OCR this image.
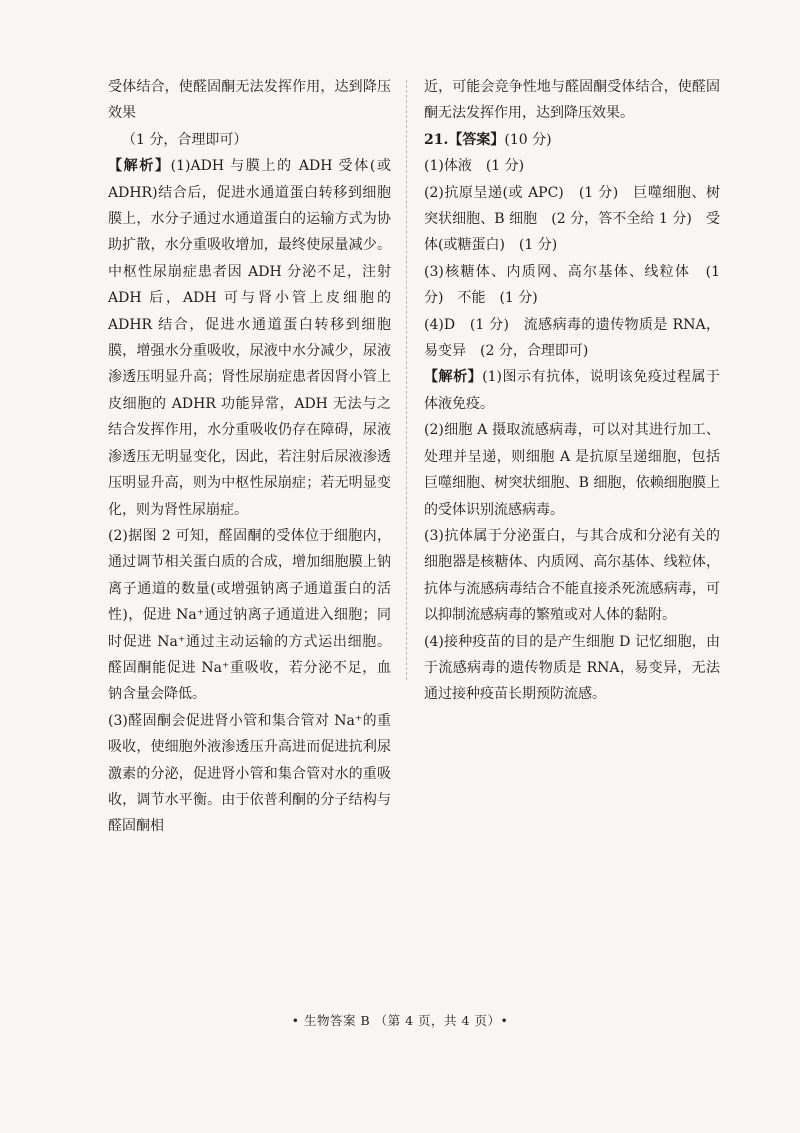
受体结合，使醛固酮无法发挥作用，达到降压效果
（1 分，合理即可）

【解析】(1)ADH 与膜上的 ADH 受体(或 ADHR)结合后，促进水通道蛋白转移到细胞膜上，水分子通过水通道蛋白的运输方式为协助扩散，水分重吸收增加，最终使尿量减少。中枢性尿崩症患者因 ADH 分泌不足，注射 ADH 后，ADH 可与肾小管上皮细胞的 ADHR 结合，促进水通道蛋白转移到细胞膜，增强水分重吸收，尿液中水分减少，尿液渗透压明显升高；肾性尿崩症患者因肾小管上皮细胞的 ADHR 功能异常，ADH 无法与之结合发挥作用，水分重吸收仍存在障碍，尿液渗透压无明显变化，因此，若注射后尿液渗透压明显升高，则为中枢性尿崩症；若无明显变化，则为肾性尿崩症。

(2)据图 2 可知，醛固酮的受体位于细胞内，通过调节相关蛋白质的合成，增加细胞膜上钠离子通道的数量(或增强钠离子通道蛋白的活性)，促进 Na⁺通过钠离子通道进入细胞；同时促进 Na⁺通过主动运输的方式运出细胞。醛固酮能促进 Na⁺重吸收，若分泌不足，血钠含量会降低。

(3)醛固酮会促进肾小管和集合管对 Na⁺的重吸收，使细胞外液渗透压升高进而促进抗利尿激素的分泌，促进肾小管和集合管对水的重吸收，调节水平衡。由于依普利酮的分子结构与醛固酮相

近，可能会竞争性地与醛固酮受体结合，使醛固酮无法发挥作用，达到降压效果。

21.【答案】(10 分)

(1)体液　(1 分)

(2)抗原呈递(或 APC)　(1 分)　巨噬细胞、树突状细胞、B 细胞　(2 分，答不全给 1 分)　受体(或糖蛋白)　(1 分)

(3)核糖体、内质网、高尔基体、线粒体　(1 分)　不能　(1 分)

(4)D　(1 分)　流感病毒的遗传物质是 RNA，易变异　(2 分，合理即可)

【解析】(1)图示有抗体，说明该免疫过程属于体液免疫。

(2)细胞 A 摄取流感病毒，可以对其进行加工、处理并呈递，则细胞 A 是抗原呈递细胞，包括巨噬细胞、树突状细胞、B 细胞，依赖细胞膜上的受体识别流感病毒。

(3)抗体属于分泌蛋白，与其合成和分泌有关的细胞器是核糖体、内质网、高尔基体、线粒体，抗体与流感病毒结合不能直接杀死流感病毒，可以抑制流感病毒的繁殖或对人体的黏附。

(4)接种疫苗的目的是产生细胞 D 记忆细胞，由于流感病毒的遗传物质是 RNA，易变异，无法通过接种疫苗长期预防流感。

• 生物答案 B （第 4 页，共 4 页）•
